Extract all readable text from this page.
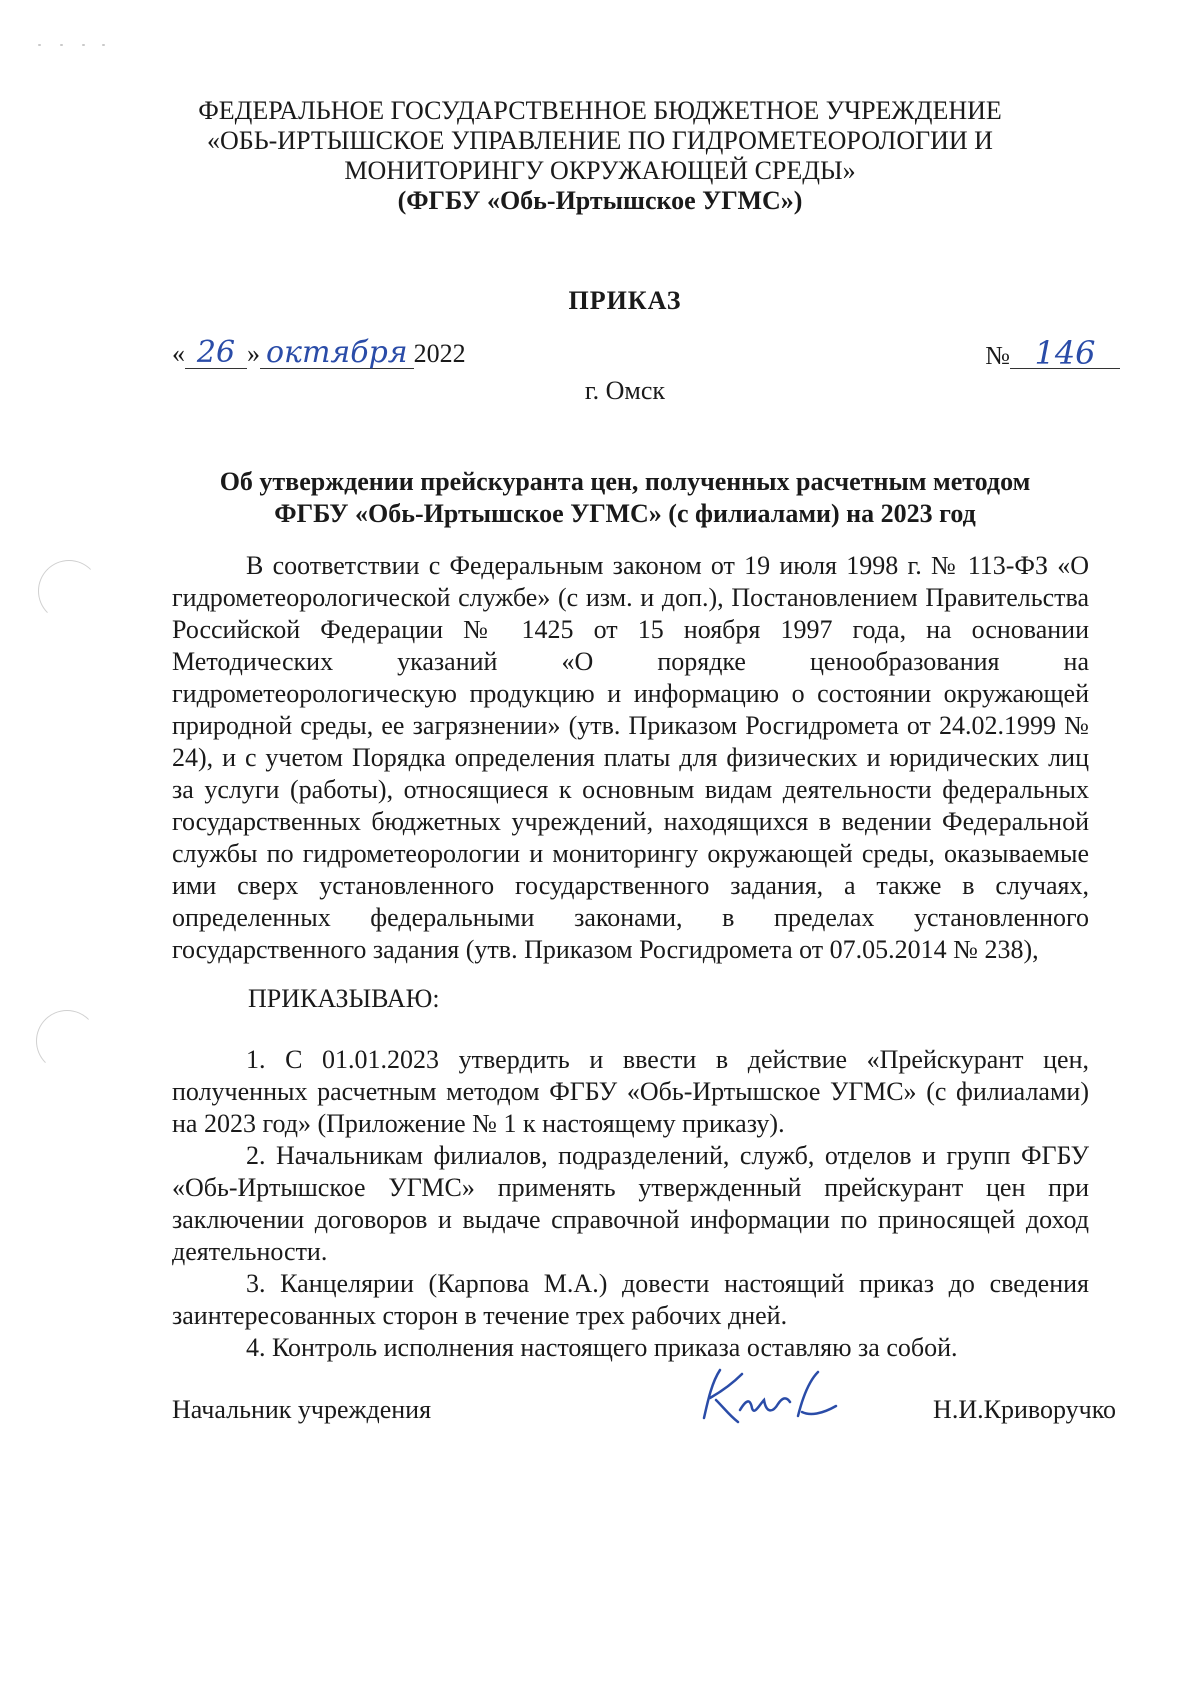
ФЕДЕРАЛЬНОЕ ГОСУДАРСТВЕННОЕ БЮДЖЕТНОЕ УЧРЕЖДЕНИЕ
«ОБЬ-ИРТЫШСКОЕ УПРАВЛЕНИЕ ПО ГИДРОМЕТЕОРОЛОГИИ И
МОНИТОРИНГУ ОКРУЖАЮЩЕЙ СРЕДЫ»
(ФГБУ «Обь-Иртышское УГМС»)
ПРИКАЗ
« 26 » октября 2022	№ 146
г. Омск
Об утверждении прейскуранта цен, полученных расчетным методом
ФГБУ «Обь-Иртышское УГМС» (с филиалами) на 2023 год
В соответствии с Федеральным законом от 19 июля 1998 г. № 113-ФЗ «О гидрометеорологической службе» (с изм. и доп.), Постановлением Правительства Российской Федерации № 1425 от 15 ноября 1997 года, на основании Методических указаний «О порядке ценообразования на гидрометеорологическую продукцию и информацию о состоянии окружающей природной среды, ее загрязнении» (утв. Приказом Росгидромета от 24.02.1999 № 24), и с учетом Порядка определения платы для физических и юридических лиц за услуги (работы), относящиеся к основным видам деятельности федеральных государственных бюджетных учреждений, находящихся в ведении Федеральной службы по гидрометеорологии и мониторингу окружающей среды, оказываемые ими сверх установленного государственного задания, а также в случаях, определенных федеральными законами, в пределах установленного государственного задания (утв. Приказом Росгидромета от 07.05.2014 № 238),
ПРИКАЗЫВАЮ:

1. С 01.01.2023 утвердить и ввести в действие «Прейскурант цен, полученных расчетным методом ФГБУ «Обь-Иртышское УГМС» (с филиалами) на 2023 год» (Приложение № 1 к настоящему приказу).

2. Начальникам филиалов, подразделений, служб, отделов и групп ФГБУ «Обь-Иртышское УГМС» применять утвержденный прейскурант цен при заключении договоров и выдаче справочной информации по приносящей доход деятельности.

3. Канцелярии (Карпова М.А.) довести настоящий приказ до сведения заинтересованных сторон в течение трех рабочих дней.

4. Контроль исполнения настоящего приказа оставляю за собой.

Начальник учреждения	Н.И.Криворучко
